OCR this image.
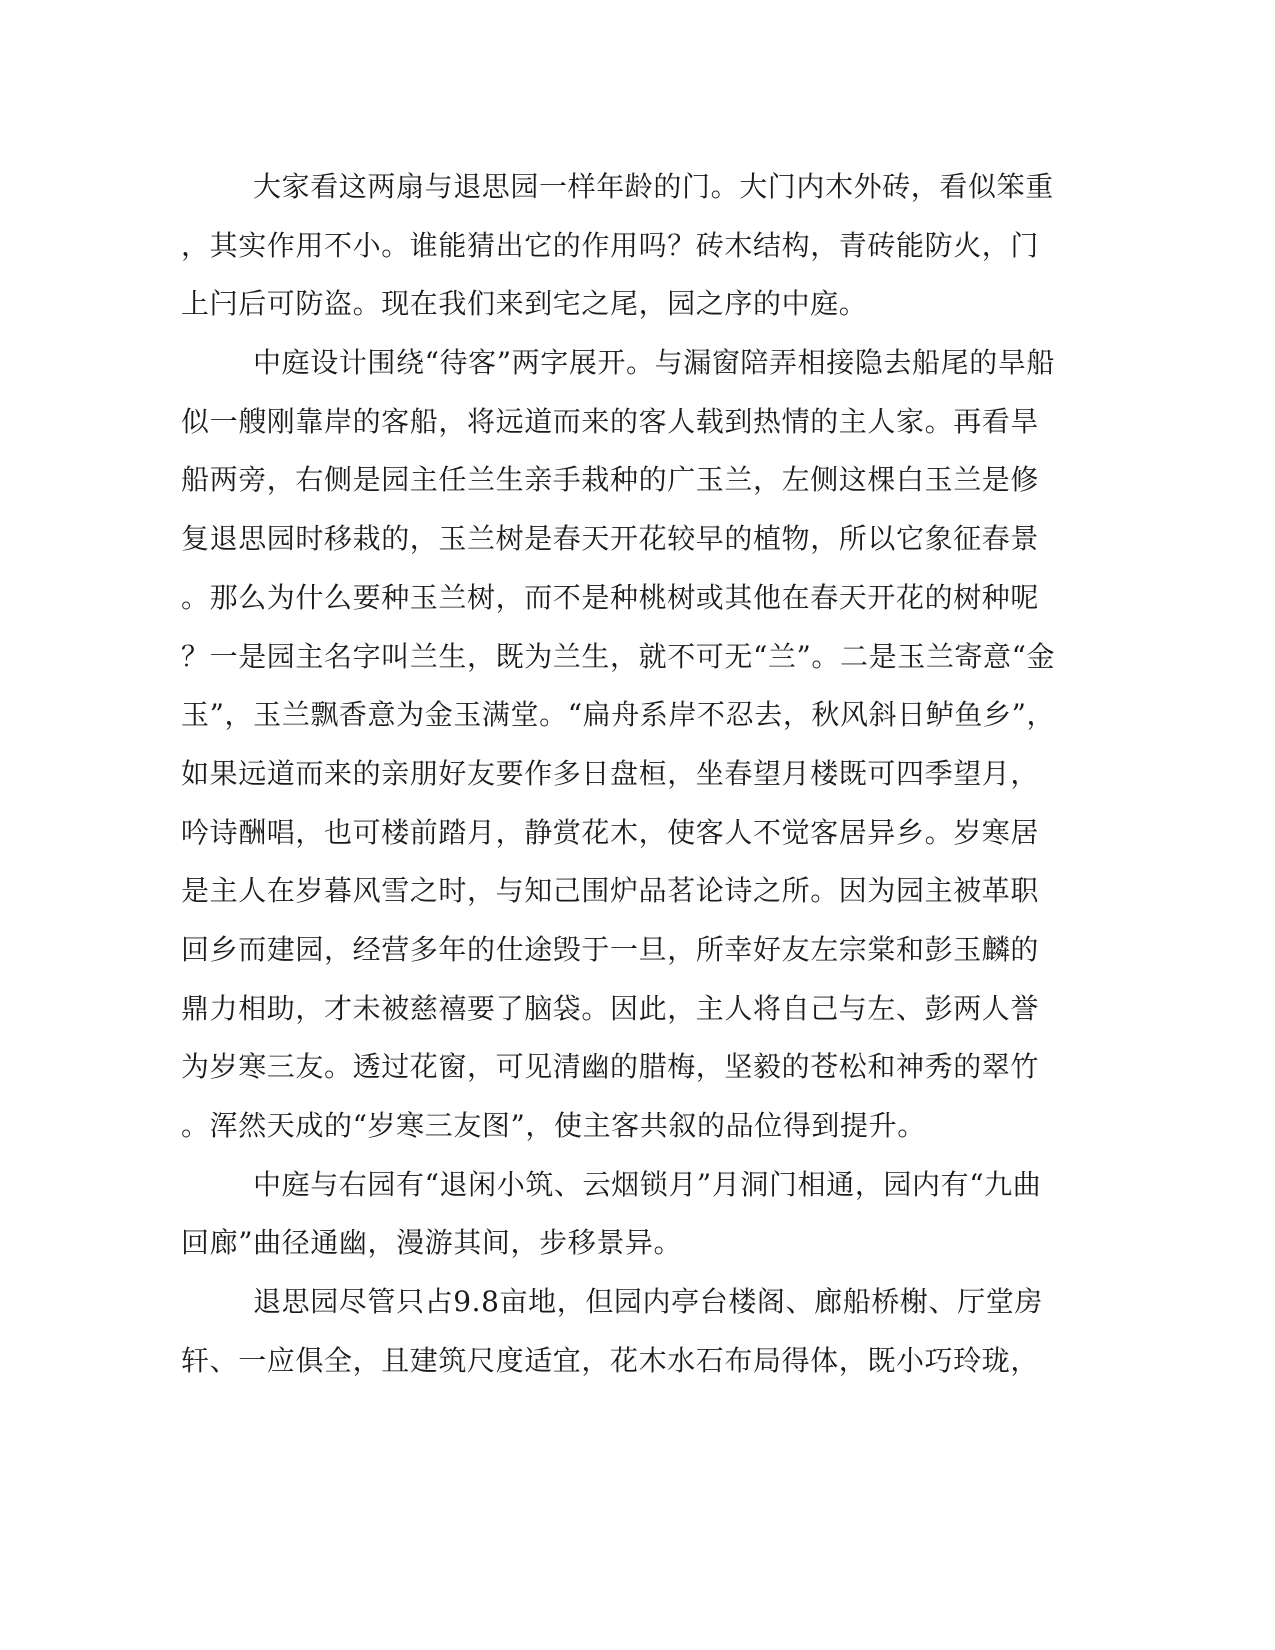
大家看这两扇与退思园一样年龄的门。大门内木外砖，看似笨重
，其实作用不小。谁能猜出它的作用吗？砖木结构，青砖能防火，门
上闩后可防盗。现在我们来到宅之尾，园之序的中庭。
中庭设计围绕“待客”两字展开。与漏窗陪弄相接隐去船尾的旱船
似一艘刚靠岸的客船，将远道而来的客人载到热情的主人家。再看旱
船两旁，右侧是园主任兰生亲手栽种的广玉兰，左侧这棵白玉兰是修
复退思园时移栽的，玉兰树是春天开花较早的植物，所以它象征春景
。那么为什么要种玉兰树，而不是种桃树或其他在春天开花的树种呢
？一是园主名字叫兰生，既为兰生，就不可无“兰”。二是玉兰寄意“金
玉”，玉兰飘香意为金玉满堂。“扁舟系岸不忍去，秋风斜日鲈鱼乡”，
如果远道而来的亲朋好友要作多日盘桓，坐春望月楼既可四季望月，
吟诗酬唱，也可楼前踏月，静赏花木，使客人不觉客居异乡。岁寒居
是主人在岁暮风雪之时，与知己围炉品茗论诗之所。因为园主被革职
回乡而建园，经营多年的仕途毁于一旦，所幸好友左宗棠和彭玉麟的
鼎力相助，才未被慈禧要了脑袋。因此，主人将自己与左、彭两人誉
为岁寒三友。透过花窗，可见清幽的腊梅，坚毅的苍松和神秀的翠竹
。浑然天成的“岁寒三友图”，使主客共叙的品位得到提升。
中庭与右园有“退闲小筑、云烟锁月”月洞门相通，园内有“九曲
回廊”曲径通幽，漫游其间，步移景异。
退思园尽管只占9.8亩地，但园内亭台楼阁、廊船桥榭、厅堂房
轩、一应俱全，且建筑尺度适宜，花木水石布局得体，既小巧玲珑，
